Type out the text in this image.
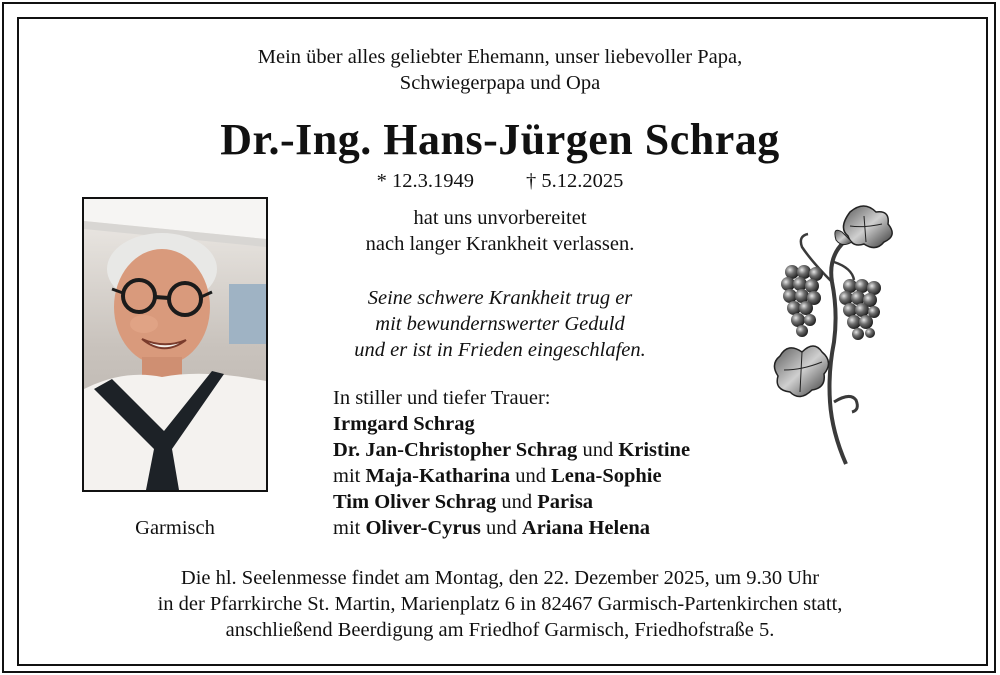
Mein über alles geliebter Ehemann, unser liebevoller Papa,
Schwiegerpapa und Opa
Dr.-Ing. Hans-Jürgen Schrag
* 12.3.1949	† 5.12.2025
hat uns unvorbereitet
nach langer Krankheit verlassen.
Seine schwere Krankheit trug er
mit bewundernswerter Geduld
und er ist in Frieden eingeschlafen.
Garmisch
In stiller und tiefer Trauer:
Irmgard Schrag
Dr. Jan-Christopher Schrag und Kristine
mit Maja-Katharina und Lena-Sophie
Tim Oliver Schrag und Parisa
mit Oliver-Cyrus und Ariana Helena
Die hl. Seelenmesse findet am Montag, den 22. Dezember 2025, um 9.30 Uhr
in der Pfarrkirche St. Martin, Marienplatz 6 in 82467 Garmisch-Partenkirchen statt,
anschließend Beerdigung am Friedhof Garmisch, Friedhofstraße 5.
